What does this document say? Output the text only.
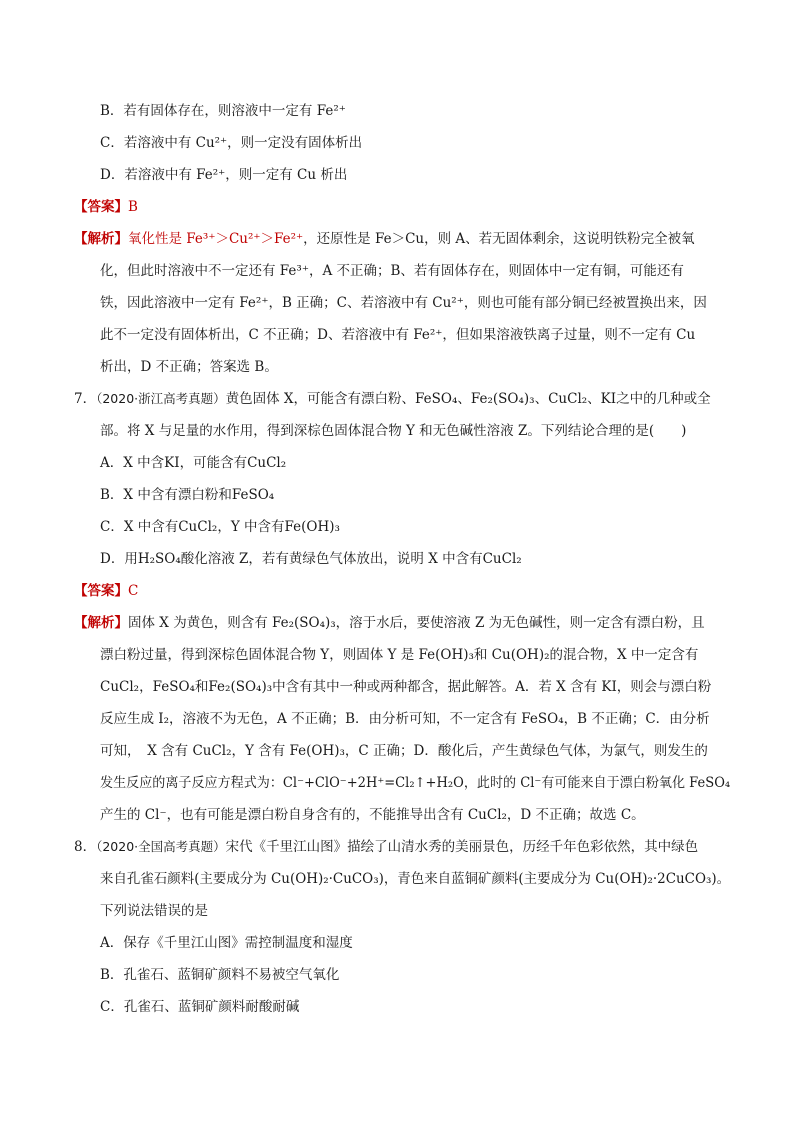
B．若有固体存在，则溶液中一定有 Fe²⁺
C．若溶液中有 Cu²⁺，则一定没有固体析出
D．若溶液中有 Fe²⁺，则一定有 Cu 析出
【答案】B
【解析】氧化性是 Fe³⁺＞Cu²⁺＞Fe²⁺，还原性是 Fe＞Cu，则 A、若无固体剩余，这说明铁粉完全被氧
化，但此时溶液中不一定还有 Fe³⁺，A 不正确；B、若有固体存在，则固体中一定有铜，可能还有
铁，因此溶液中一定有 Fe²⁺，B 正确；C、若溶液中有 Cu²⁺，则也可能有部分铜已经被置换出来，因
此不一定没有固体析出，C 不正确；D、若溶液中有 Fe²⁺，但如果溶液铁离子过量，则不一定有 Cu
析出，D 不正确；答案选 B。
7．（2020·浙江高考真题）黄色固体 X，可能含有漂白粉、FeSO₄、Fe₂(SO₄)₃、CuCl₂、KI之中的几种或全
部。将 X 与足量的水作用，得到深棕色固体混合物 Y 和无色碱性溶液 Z。下列结论合理的是(　　)
A．X 中含KI，可能含有CuCl₂
B．X 中含有漂白粉和FeSO₄
C．X 中含有CuCl₂，Y 中含有Fe(OH)₃
D．用H₂SO₄酸化溶液 Z，若有黄绿色气体放出，说明 X 中含有CuCl₂
【答案】C
【解析】固体 X 为黄色，则含有 Fe₂(SO₄)₃，溶于水后，要使溶液 Z 为无色碱性，则一定含有漂白粉，且
漂白粉过量，得到深棕色固体混合物 Y，则固体 Y 是 Fe(OH)₃和 Cu(OH)₂的混合物，X 中一定含有
CuCl₂，FeSO₄和Fe₂(SO₄)₃中含有其中一种或两种都含，据此解答。A．若 X 含有 KI，则会与漂白粉
反应生成 I₂，溶液不为无色，A 不正确；B．由分析可知，不一定含有 FeSO₄，B 不正确；C．由分析
可知，　X 含有 CuCl₂，Y 含有 Fe(OH)₃，C 正确；D．酸化后，产生黄绿色气体，为氯气，则发生的
发生反应的离子反应方程式为：Cl⁻+ClO⁻+2H⁺=Cl₂↑+H₂O，此时的 Cl⁻有可能来自于漂白粉氧化 FeSO₄
产生的 Cl⁻，也有可能是漂白粉自身含有的，不能推导出含有 CuCl₂，D 不正确；故选 C。
8．（2020·全国高考真题）宋代《千里江山图》描绘了山清水秀的美丽景色，历经千年色彩依然，其中绿色
来自孔雀石颜料(主要成分为 Cu(OH)₂·CuCO₃)，青色来自蓝铜矿颜料(主要成分为 Cu(OH)₂·2CuCO₃)。
下列说法错误的是
A．保存《千里江山图》需控制温度和湿度
B．孔雀石、蓝铜矿颜料不易被空气氧化
C．孔雀石、蓝铜矿颜料耐酸耐碱
